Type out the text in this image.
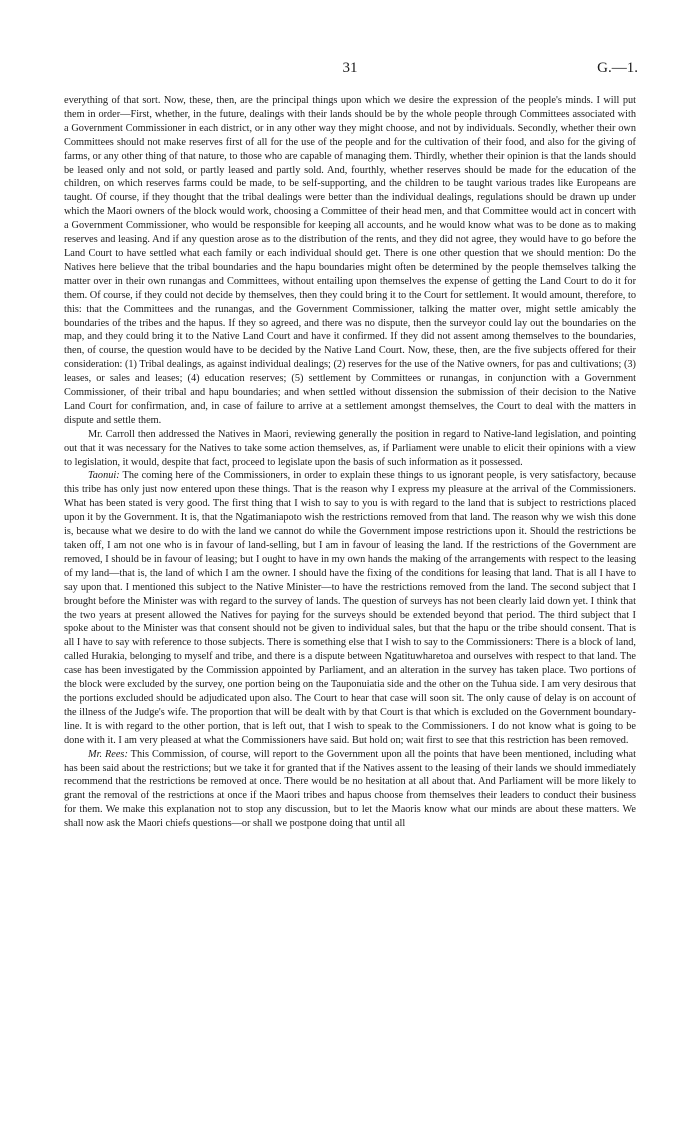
31	G.—1.

everything of that sort. Now, these, then, are the principal things upon which we desire the expression of the people's minds. I will put them in order—First, whether, in the future, dealings with their lands should be by the whole people through Committees associated with a Government Commissioner in each district, or in any other way they might choose, and not by individuals. Secondly, whether their own Committees should not make reserves first of all for the use of the people and for the cultivation of their food, and also for the giving of farms, or any other thing of that nature, to those who are capable of managing them. Thirdly, whether their opinion is that the lands should be leased only and not sold, or partly leased and partly sold. And, fourthly, whether reserves should be made for the education of the children, on which reserves farms could be made, to be self-supporting, and the children to be taught various trades like Europeans are taught. Of course, if they thought that the tribal dealings were better than the individual dealings, regulations should be drawn up under which the Maori owners of the block would work, choosing a Committee of their head men, and that Committee would act in concert with a Government Commissioner, who would be responsible for keeping all accounts, and he would know what was to be done as to making reserves and leasing. And if any question arose as to the distribution of the rents, and they did not agree, they would have to go before the Land Court to have settled what each family or each individual should get. There is one other question that we should mention: Do the Natives here believe that the tribal boundaries and the hapu boundaries might often be determined by the people themselves talking the matter over in their own runangas and Committees, without entailing upon themselves the expense of getting the Land Court to do it for them. Of course, if they could not decide by themselves, then they could bring it to the Court for settlement. It would amount, therefore, to this: that the Committees and the runangas, and the Government Commissioner, talking the matter over, might settle amicably the boundaries of the tribes and the hapus. If they so agreed, and there was no dispute, then the surveyor could lay out the boundaries on the map, and they could bring it to the Native Land Court and have it confirmed. If they did not assent among themselves to the boundaries, then, of course, the question would have to be decided by the Native Land Court. Now, these, then, are the five subjects offered for their consideration: (1) Tribal dealings, as against individual dealings; (2) reserves for the use of the Native owners, for pas and cultivations; (3) leases, or sales and leases; (4) education reserves; (5) settlement by Committees or runangas, in conjunction with a Government Commissioner, of their tribal and hapu boundaries; and when settled without dissension the submission of their decision to the Native Land Court for confirmation, and, in case of failure to arrive at a settlement amongst themselves, the Court to deal with the matters in dispute and settle them.

Mr. Carroll then addressed the Natives in Maori, reviewing generally the position in regard to Native-land legislation, and pointing out that it was necessary for the Natives to take some action themselves, as, if Parliament were unable to elicit their opinions with a view to legislation, it would, despite that fact, proceed to legislate upon the basis of such information as it possessed.

Taonui: The coming here of the Commissioners, in order to explain these things to us ignorant people, is very satisfactory, because this tribe has only just now entered upon these things. That is the reason why I express my pleasure at the arrival of the Commissioners. What has been stated is very good. The first thing that I wish to say to you is with regard to the land that is subject to restrictions placed upon it by the Government. It is, that the Ngatimaniapoto wish the restrictions removed from that land. The reason why we wish this done is, because what we desire to do with the land we cannot do while the Government impose restrictions upon it. Should the restrictions be taken off, I am not one who is in favour of land-selling, but I am in favour of leasing the land. If the restrictions of the Government are removed, I should be in favour of leasing; but I ought to have in my own hands the making of the arrangements with respect to the leasing of my land—that is, the land of which I am the owner. I should have the fixing of the conditions for leasing that land. That is all I have to say upon that. I mentioned this subject to the Native Minister—to have the restrictions removed from the land. The second subject that I brought before the Minister was with regard to the survey of lands. The question of surveys has not been clearly laid down yet. I think that the two years at present allowed the Natives for paying for the surveys should be extended beyond that period. The third subject that I spoke about to the Minister was that consent should not be given to individual sales, but that the hapu or the tribe should consent. That is all I have to say with reference to those subjects. There is something else that I wish to say to the Commissioners: There is a block of land, called Hurakia, belonging to myself and tribe, and there is a dispute between Ngatituwharetoa and ourselves with respect to that land. The case has been investigated by the Commission appointed by Parliament, and an alteration in the survey has taken place. Two portions of the block were excluded by the survey, one portion being on the Tauponuiatia side and the other on the Tuhua side. I am very desirous that the portions excluded should be adjudicated upon also. The Court to hear that case will soon sit. The only cause of delay is on account of the illness of the Judge's wife. The proportion that will be dealt with by that Court is that which is excluded on the Government boundary-line. It is with regard to the other portion, that is left out, that I wish to speak to the Commissioners. I do not know what is going to be done with it. I am very pleased at what the Commissioners have said. But hold on; wait first to see that this restriction has been removed.

Mr. Rees: This Commission, of course, will report to the Government upon all the points that have been mentioned, including what has been said about the restrictions; but we take it for granted that if the Natives assent to the leasing of their lands we should immediately recommend that the restrictions be removed at once. There would be no hesitation at all about that. And Parliament will be more likely to grant the removal of the restrictions at once if the Maori tribes and hapus choose from themselves their leaders to conduct their business for them. We make this explanation not to stop any discussion, but to let the Maoris know what our minds are about these matters. We shall now ask the Maori chiefs questions—or shall we postpone doing that until all
